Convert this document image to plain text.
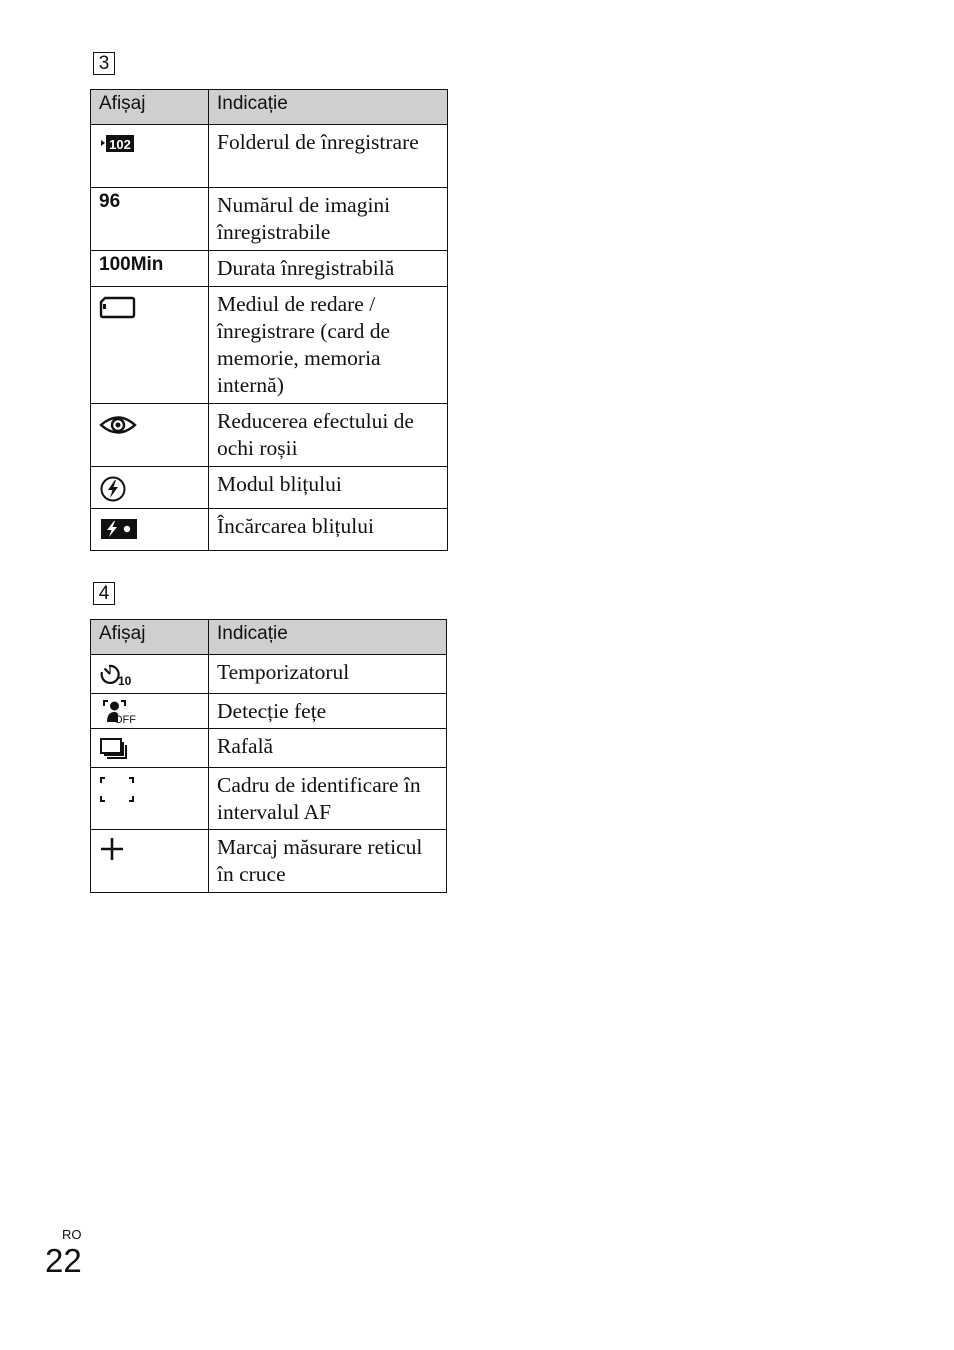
3
Afișaj	Indicație

102	Folderul de înregistrare

96	Numărul de imagini înregistrabile

100Min	Durata înregistrabilă

	Mediul de redare / înregistrare (card de memorie, memoria internă)

	Reducerea efectului de ochi roșii

	Modul blițului

	Încărcarea blițului
4
Afișaj	Indicație

10	Temporizatorul

OFF	Detecție fețe

	Rafală

	Cadru de identificare în intervalul AF

	Marcaj măsurare reticul în cruce
RO
22
